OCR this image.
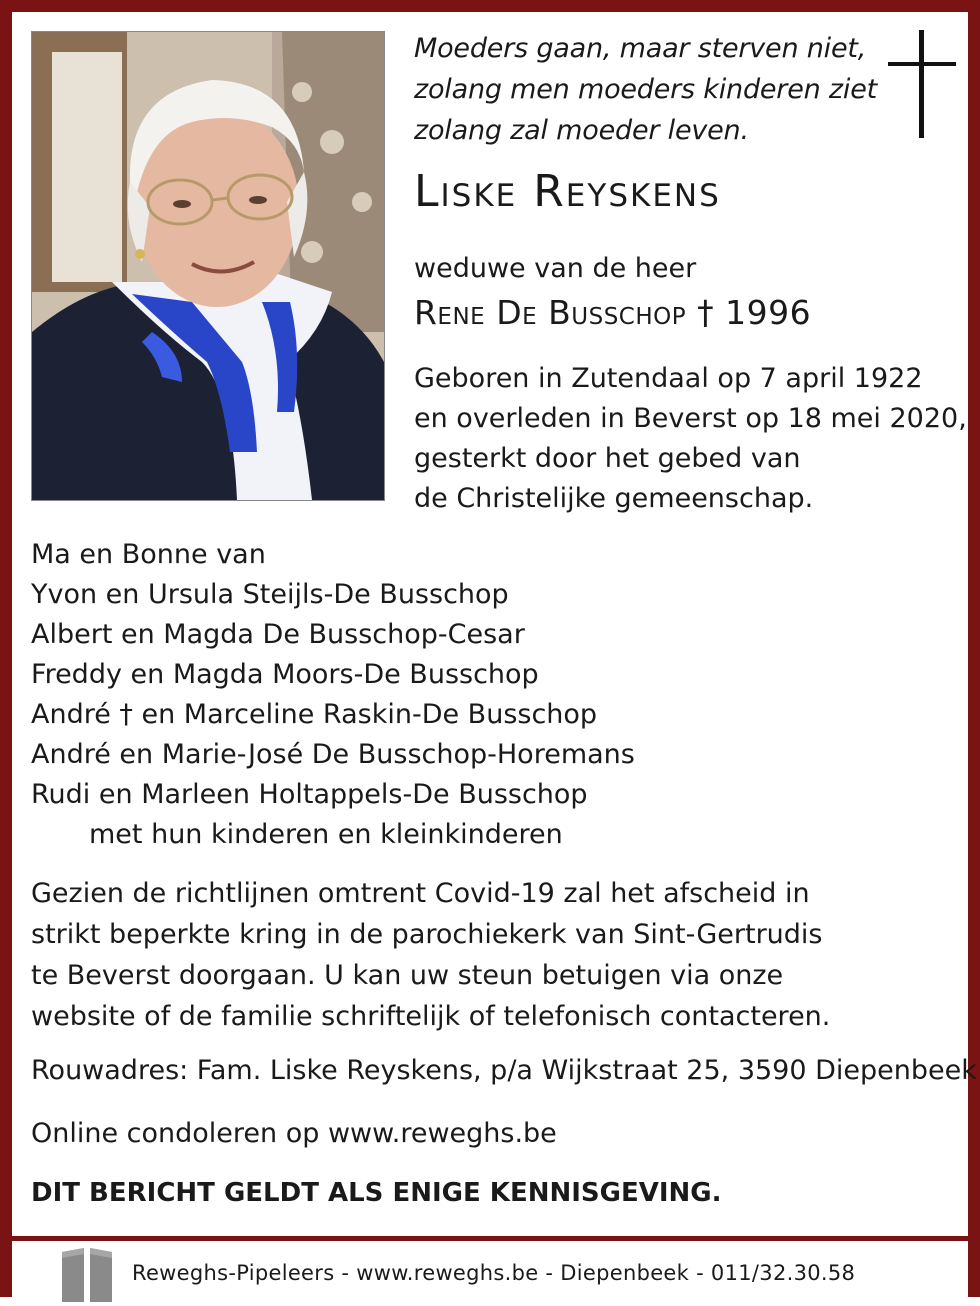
Moeders gaan, maar sterven niet,
zolang men moeders kinderen ziet
zolang zal moeder leven.
Liske Reyskens
weduwe van de heer
Rene De Busschop † 1996
Geboren in Zutendaal op 7 april 1922
en overleden in Beverst op 18 mei 2020,
gesterkt door het gebed van
de Christelijke gemeenschap.
Ma en Bonne van
Yvon en Ursula Steijls-De Busschop
Albert en Magda De Busschop-Cesar
Freddy en Magda Moors-De Busschop
André † en Marceline Raskin-De Busschop
André en Marie-José De Busschop-Horemans
Rudi en Marleen Holtappels-De Busschop
met hun kinderen en kleinkinderen
Gezien de richtlijnen omtrent Covid-19 zal het afscheid in
strikt beperkte kring in de parochiekerk van Sint-Gertrudis
te Beverst doorgaan. U kan uw steun betuigen via onze
website of de familie schriftelijk of telefonisch contacteren.
Rouwadres: Fam. Liske Reyskens, p/a Wijkstraat 25, 3590 Diepenbeek
Online condoleren op www.reweghs.be
DIT BERICHT GELDT ALS ENIGE KENNISGEVING.
Reweghs-Pipeleers - www.reweghs.be - Diepenbeek - 011/32.30.58
